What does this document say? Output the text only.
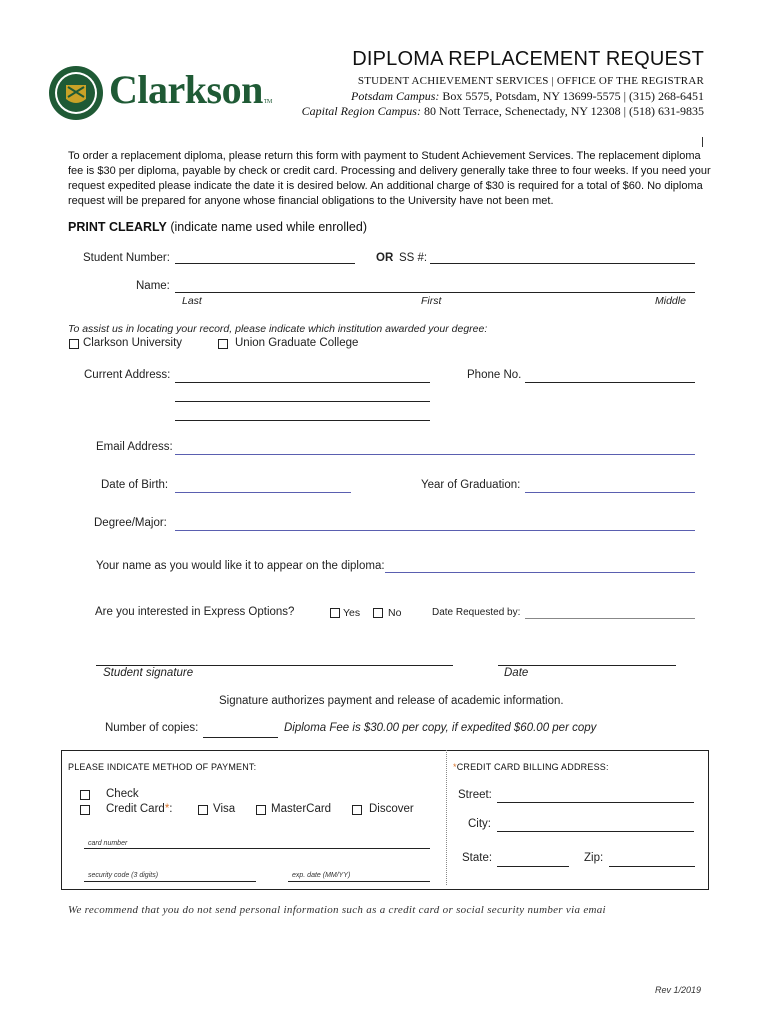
ClarksonTM
DIPLOMA REPLACEMENT REQUEST
STUDENT ACHIEVEMENT SERVICES | OFFICE OF THE REGISTRAR
Potsdam Campus: Box 5575, Potsdam, NY 13699-5575 | (315) 268-6451
Capital Region Campus: 80 Nott Terrace, Schenectady, NY 12308 | (518) 631-9835
To order a replacement diploma, please return this form with payment to Student Achievement Services. The replacement diploma fee is $30 per diploma, payable by check or credit card. Processing and delivery generally take three to four weeks. If you need your request expedited please indicate the date it is desired below. An additional charge of $30 is required for a total of $60. No diploma request will be prepared for anyone whose financial obligations to the University have not been met.
PRINT CLEARLY (indicate name used while enrolled)
Student Number:	OR SS #:
Name:
Last	First	Middle
To assist us in locating your record, please indicate which institution awarded your degree:
Clarkson University	Union Graduate College
Current Address:	Phone No.
Email Address:
Date of Birth:	Year of Graduation:
Degree/Major:
Your name as you would like it to appear on the diploma:
Are you interested in Express Options?	Yes	No	Date Requested by:
Student signature	Date
Signature authorizes payment and release of academic information.
Number of copies:	Diploma Fee is $30.00 per copy, if expedited $60.00 per copy
PLEASE INDICATE METHOD OF PAYMENT:
Check
Credit Card*:	Visa	MasterCard	Discover
card number
security code (3 digits)	exp. date (MM/YY)
*CREDIT CARD BILLING ADDRESS:
Street:
City:
State:	Zip:
We recommend that you do not send personal information such as a credit card or social security number via emai
Rev 1/2019
